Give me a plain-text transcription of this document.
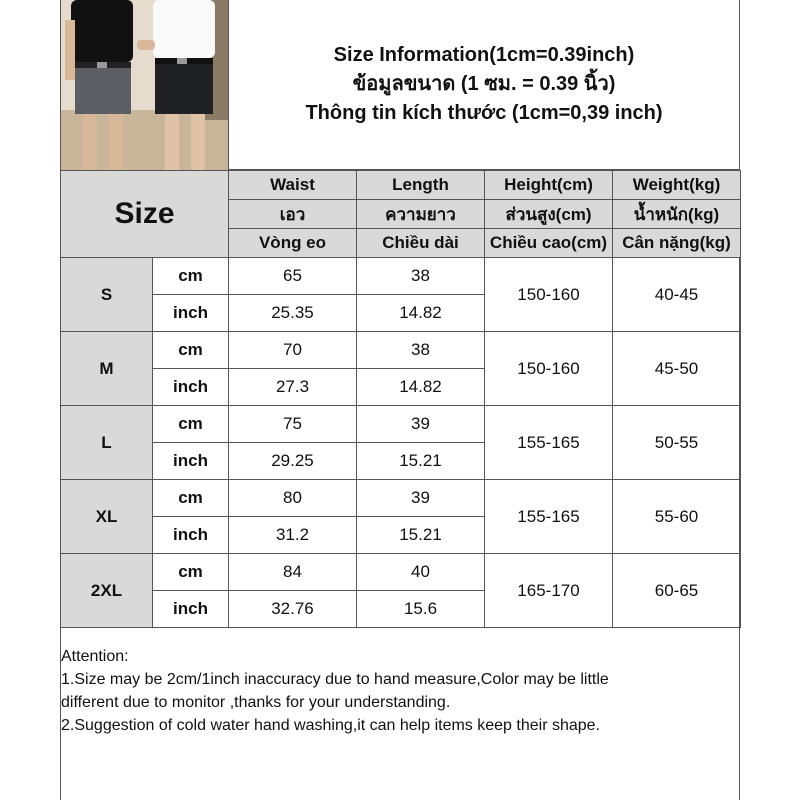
Size Information(1cm=0.39inch)
ข้อมูลขนาด (1 ซม. = 0.39 นิ้ว)
Thông tin kích thước (1cm=0,39 inch)
Size		Waist	Length	Height(cm)	Weight(kg)
		เอว	ความยาว	ส่วนสูง(cm)	น้ำหนัก(kg)
		Vòng eo	Chiều dài	Chiều cao(cm)	Cân nặng(kg)
S	cm	65	38	150-160	40-45
	inch	25.35	14.82		
M	cm	70	38	150-160	45-50
	inch	27.3	14.82		
L	cm	75	39	155-165	50-55
	inch	29.25	15.21		
XL	cm	80	39	155-165	55-60
	inch	31.2	15.21		
2XL	cm	84	40	165-170	60-65
	inch	32.76	15.6		
Attention:
1.Size may be 2cm/1inch inaccuracy due to hand measure,Color may be little
different due to monitor ,thanks for your understanding.
2.Suggestion of cold water hand washing,it can help items keep their shape.
